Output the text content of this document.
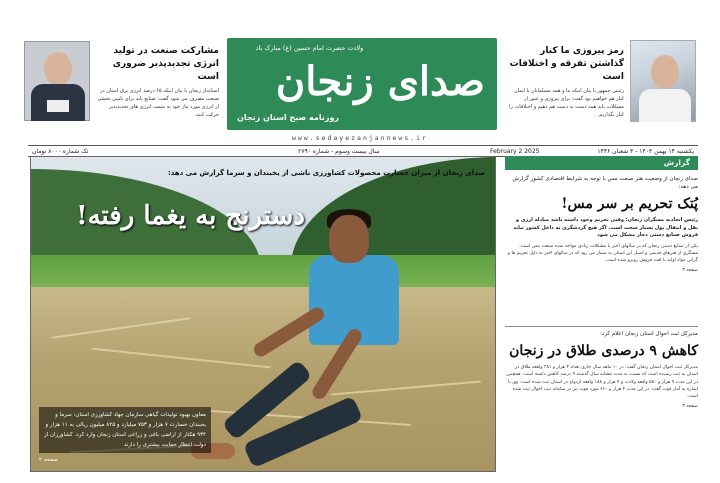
ولادت حضرت امام حسین (ع) مبارک باد
صدای زنجان
روزنامه صبح استان زنجان
www.sedayezanjannews.ir
رمز پیروزی ما کنار گذاشتن تفرقه و اختلافات است

رئیس جمهور با بیان اینکه ما و همه مسلمانان با ایمان کنار هم خواهیم بود گفت: برای پیروزی و عبور از مشکلات باید همه دست به دست هم دهیم و اختلافات را کنار بگذاریم.

مشارکت صنعت در تولید انرژی تجدیدپذیر ضروری است

استاندار زنجان با بیان اینکه ۶۵ درصد انرژی برق استان در صنعت مصرف می شود گفت: صنایع باید برای تامین بخشی از انرژی مورد نیاز خود به سمت انرژی های تجدیدپذیر حرکت کنند.

یکشنبه ۱۴ بهمن ۱۴۰۳ - ۳ شعبان ۱۴۴۶
February 2 2025
سال بیست وسوم - شماره ۲۷۹۰
تک شماره ۸۰۰۰ تومان
صدای زنجان از میزان خسارت محصولات کشاورزی ناشی از یخبندان و سرما گزارش می دهد:
دسترنج به یغما رفته!
معاون بهبود تولیدات گیاهی سازمان جهاد کشاورزی استان: سرما و یخبندان خسارت ۷ هزار و ۷۵۳ میلیارد و ۸۲۵ میلیون ریالی به ۱۱ هزار و ۹۳۴ هکتار از اراضی باغی و زراعی استان زنجان وارد کرد. کشاورزان از دولت انتظار حمایت بیشتری را دارند
صفحه ۲
گزارش
صدای زنجان از وضعیت هنر صنعت مس با توجه به شرایط اقتصادی کشور گزارش می دهد:
پُتک تحریم بر سر مس!
رئیس اتحادیه مسگران زنجان: وقتی تحریم وجود داشته باشد مبادله ارزی و نقل و انتقال پول بسیار سخت است. اگر هیچ گردشگری به داخل کشور نیاید فروش صنایع دستی دچار مشکل می شود
یکی از صنایع دستی زنجان که در سالهای اخیر با مشکلات زیادی مواجه شده صنعت مس است. مسگری از هنرهای قدیمی و اصیل این استان به شمار می رود که در سالهای اخیر به دلیل تحریم ها و گرانی مواد اولیه با افت فروش روبرو شده است.
صفحه ۳
مدیرکل ثبت احوال استان زنجان اعلام کرد:
کاهش ۹ درصدی طلاق در زنجان
مدیرکل ثبت احوال استان زنجان گفت: در ۱۰ ماهه سال جاری تعداد ۳ هزار و ۲۸۱ واقعه طلاق در استان به ثبت رسیده است که نسبت به مدت مشابه سال گذشته ۹ درصد کاهش داشته است. همچنین در این مدت ۹ هزار و ۵۵۰ واقعه ولادت و ۴ هزار و ۱۸۸ واقعه ازدواج در استان ثبت شده است. وی با اشاره به آمار فوت گفت: در این مدت ۴ هزار و ۶۶۰ مورد فوت نیز در سامانه ثبت احوال ثبت شده است.
صفحه ۳
